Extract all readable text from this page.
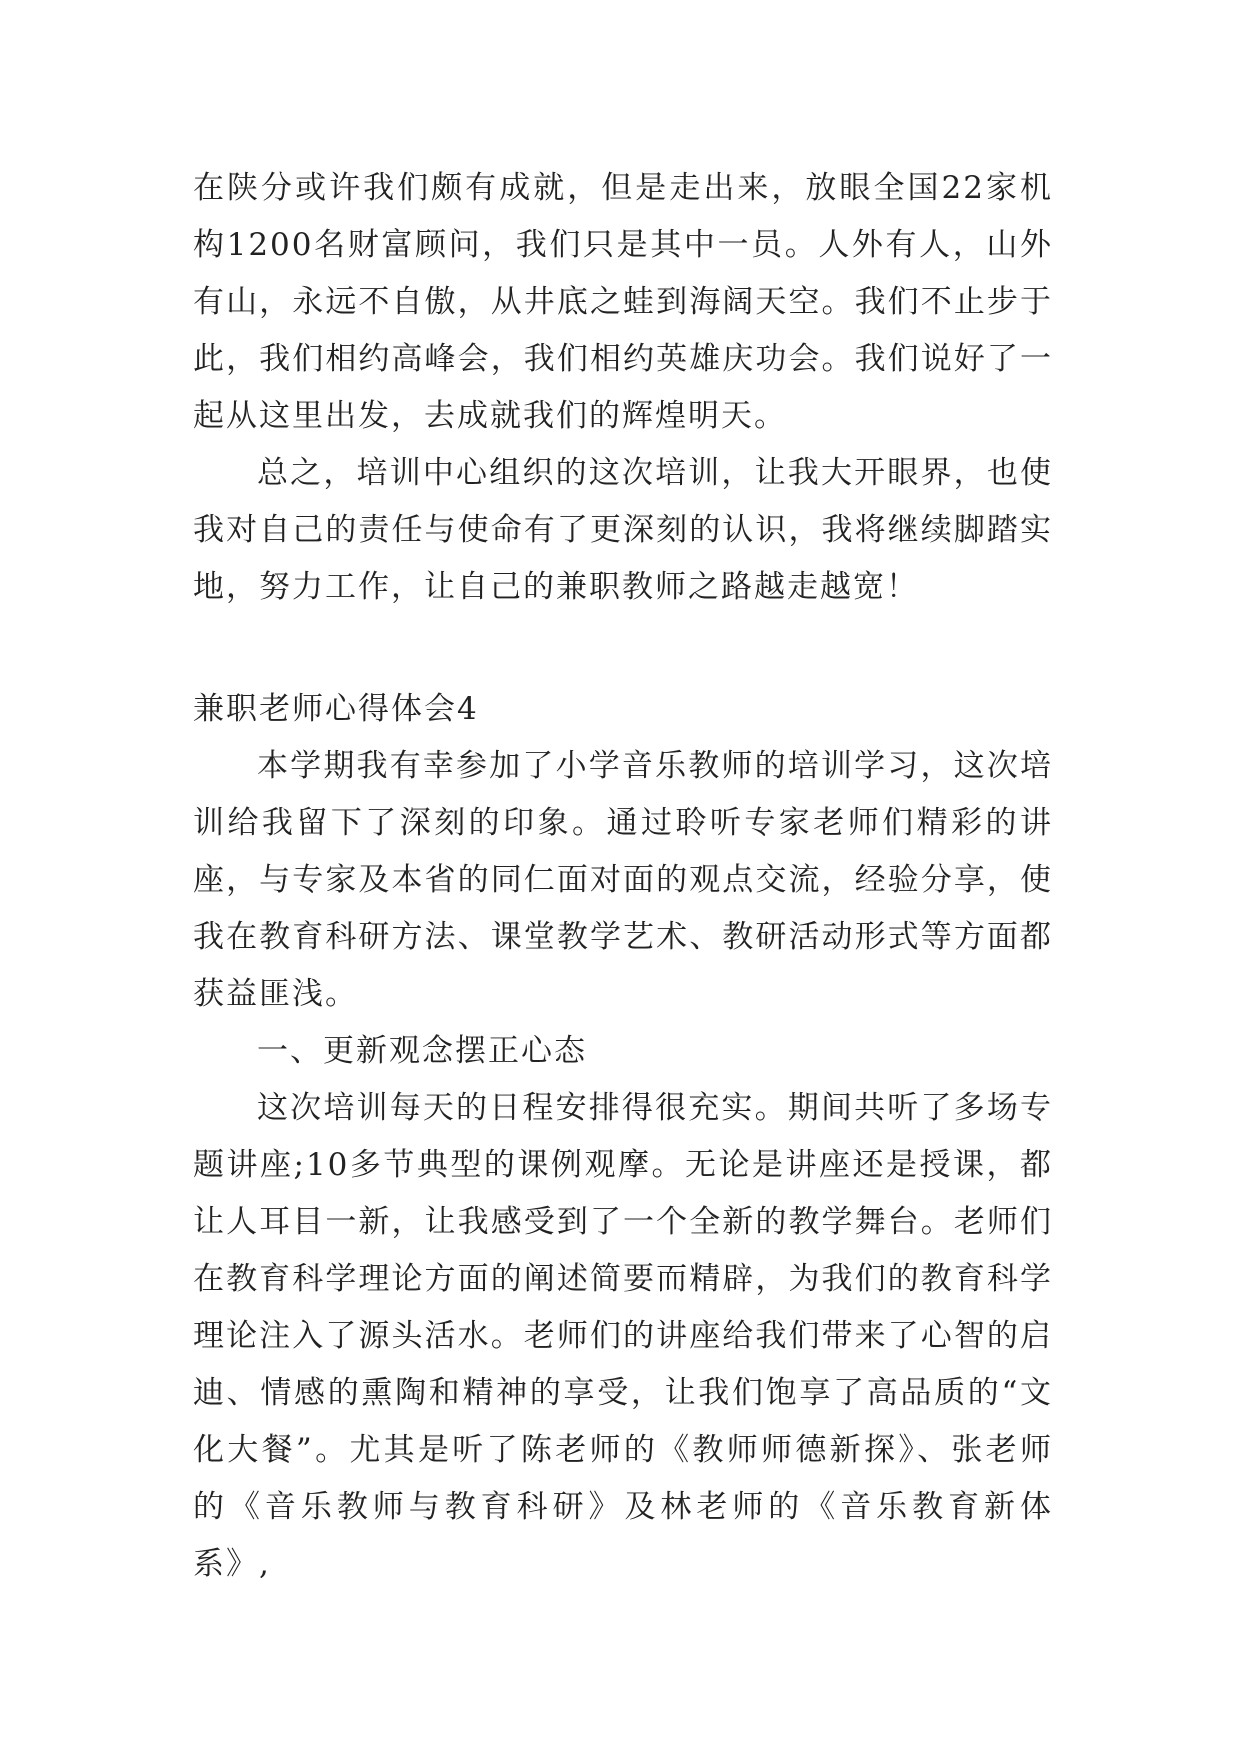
在陕分或许我们颇有成就，但是走出来，放眼全国22家机构1200名财富顾问，我们只是其中一员。人外有人，山外有山，永远不自傲，从井底之蛙到海阔天空。我们不止步于此，我们相约高峰会，我们相约英雄庆功会。我们说好了一起从这里出发，去成就我们的辉煌明天。

总之，培训中心组织的这次培训，让我大开眼界，也使我对自己的责任与使命有了更深刻的认识，我将继续脚踏实地，努力工作，让自己的兼职教师之路越走越宽！

兼职老师心得体会4

本学期我有幸参加了小学音乐教师的培训学习，这次培训给我留下了深刻的印象。通过聆听专家老师们精彩的讲座，与专家及本省的同仁面对面的观点交流，经验分享，使我在教育科研方法、课堂教学艺术、教研活动形式等方面都获益匪浅。

一、更新观念摆正心态

这次培训每天的日程安排得很充实。期间共听了多场专题讲座;10多节典型的课例观摩。无论是讲座还是授课，都让人耳目一新，让我感受到了一个全新的教学舞台。老师们在教育科学理论方面的阐述简要而精辟，为我们的教育科学理论注入了源头活水。老师们的讲座给我们带来了心智的启迪、情感的熏陶和精神的享受，让我们饱享了高品质的“文化大餐”。尤其是听了陈老师的《教师师德新探》、张老师的《音乐教师与教育科研》及林老师的《音乐教育新体系》,
